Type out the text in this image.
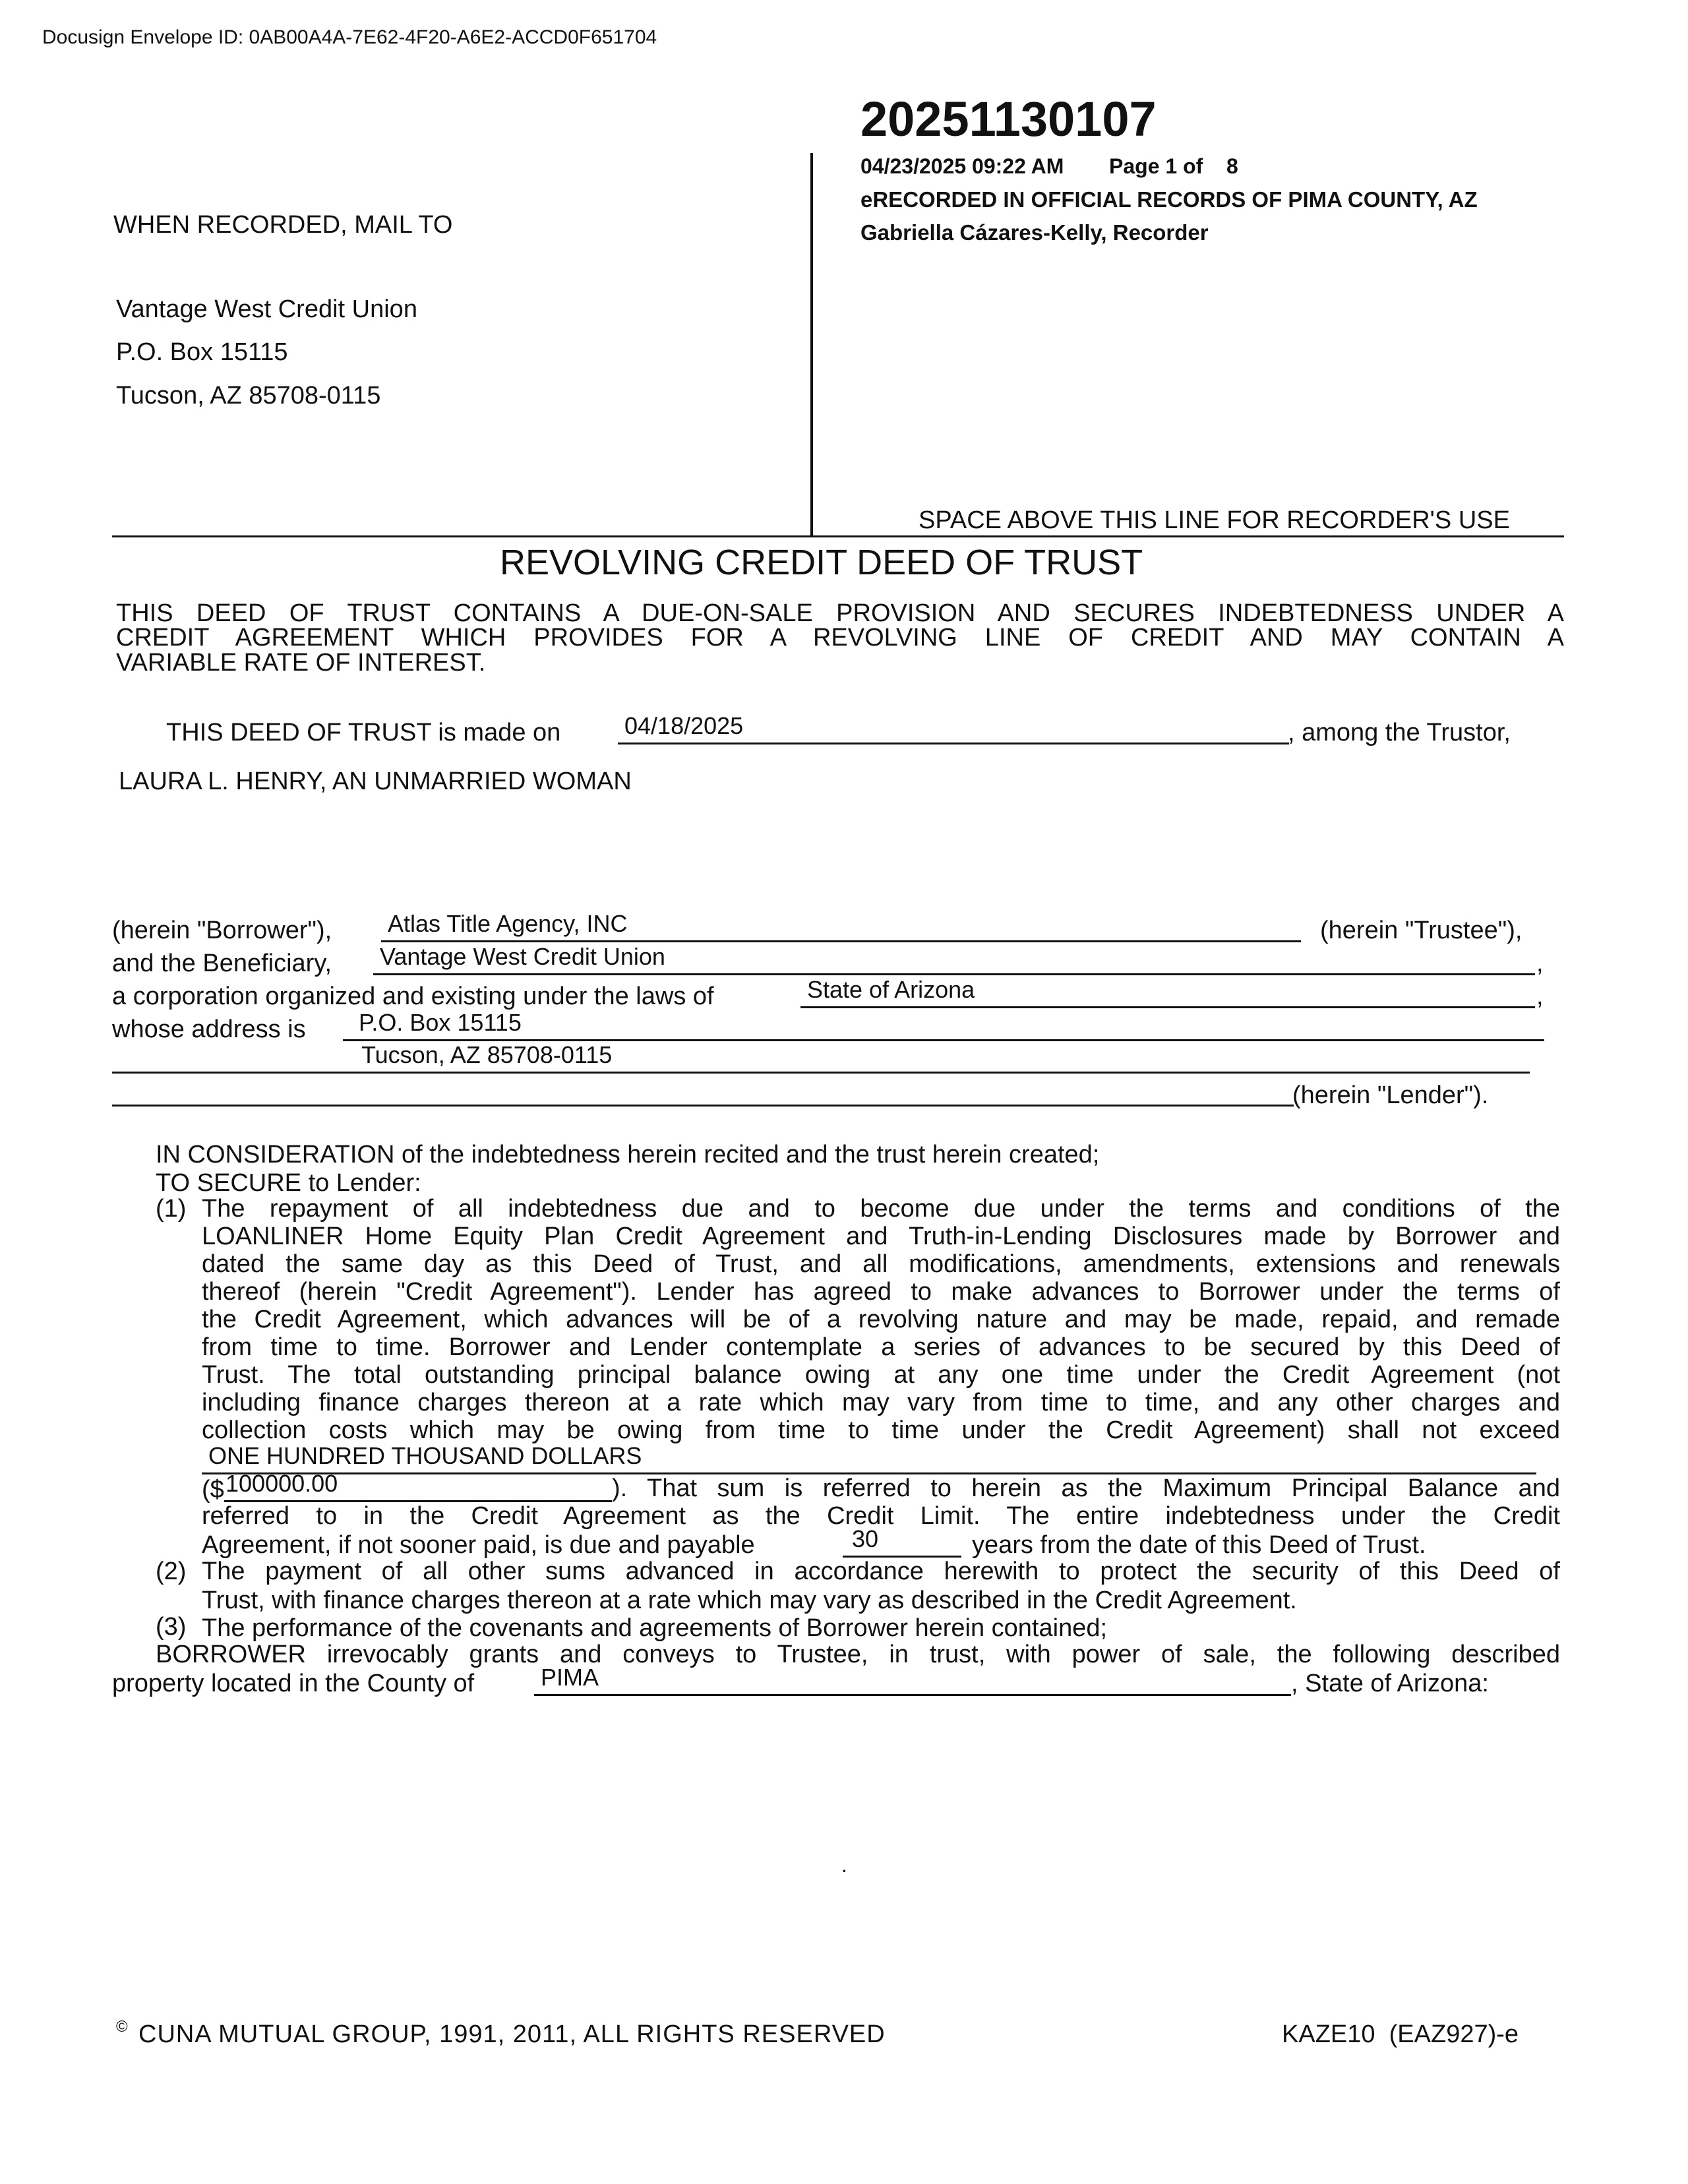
Docusign Envelope ID: 0AB00A4A-7E62-4F20-A6E2-ACCD0F651704
20251130107
04/23/2025 09:22 AM Page 1 of 8
eRECORDED IN OFFICIAL RECORDS OF PIMA COUNTY, AZ
Gabriella Cázares-Kelly, Recorder
WHEN RECORDED, MAIL TO
Vantage West Credit Union
P.O. Box 15115
Tucson, AZ 85708-0115
SPACE ABOVE THIS LINE FOR RECORDER'S USE
REVOLVING CREDIT DEED OF TRUST
THIS DEED OF TRUST CONTAINS A DUE-ON-SALE PROVISION AND SECURES INDEBTEDNESS UNDER A
CREDIT AGREEMENT WHICH PROVIDES FOR A REVOLVING LINE OF CREDIT AND MAY CONTAIN A
VARIABLE RATE OF INTEREST.
THIS DEED OF TRUST is made on	04/18/2025	, among the Trustor,
LAURA L. HENRY, AN UNMARRIED WOMAN
(herein "Borrower"), Atlas Title Agency, INC	(herein "Trustee"),
and the Beneficiary, Vantage West Credit Union	,
a corporation organized and existing under the laws of	State of Arizona	,
whose address is P.O. Box 15115
Tucson, AZ 85708-0115
(herein "Lender").
IN CONSIDERATION of the indebtedness herein recited and the trust herein created;
TO SECURE to Lender:
(1) The repayment of all indebtedness due and to become due under the terms and conditions of the
LOANLINER Home Equity Plan Credit Agreement and Truth-in-Lending Disclosures made by Borrower and
dated the same day as this Deed of Trust, and all modifications, amendments, extensions and renewals
thereof (herein "Credit Agreement"). Lender has agreed to make advances to Borrower under the terms of
the Credit Agreement, which advances will be of a revolving nature and may be made, repaid, and remade
from time to time. Borrower and Lender contemplate a series of advances to be secured by this Deed of
Trust. The total outstanding principal balance owing at any one time under the Credit Agreement (not
including finance charges thereon at a rate which may vary from time to time, and any other charges and
collection costs which may be owing from time to time under the Credit Agreement) shall not exceed
ONE HUNDRED THOUSAND DOLLARS
($ 100000.00	). That sum is referred to herein as the Maximum Principal Balance and
referred to in the Credit Agreement as the Credit Limit. The entire indebtedness under the Credit
Agreement, if not sooner paid, is due and payable	30	years from the date of this Deed of Trust.
(2) The payment of all other sums advanced in accordance herewith to protect the security of this Deed of
Trust, with finance charges thereon at a rate which may vary as described in the Credit Agreement.
(3) The performance of the covenants and agreements of Borrower herein contained;
BORROWER irrevocably grants and conveys to Trustee, in trust, with power of sale, the following described
property located in the County of	PIMA	, State of Arizona:
.
© CUNA MUTUAL GROUP, 1991, 2011, ALL RIGHTS RESERVED	KAZE10  (EAZ927)-e
